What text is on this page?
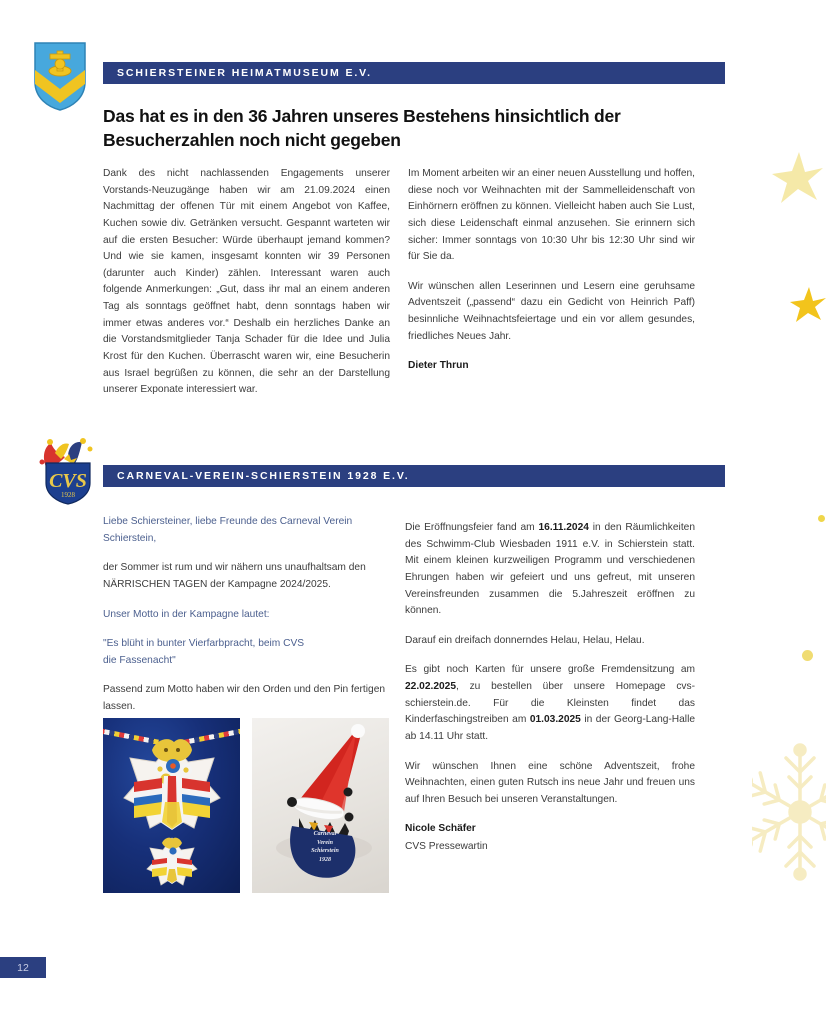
SCHIERSTEINER HEIMATMUSEUM E.V.
Das hat es in den 36 Jahren unseres Bestehens hinsichtlich der Besucherzahlen noch nicht gegeben

Dank des nicht nachlassenden Engagements unserer Vorstands-Neuzugänge haben wir am 21.09.2024 einen Nachmittag der offenen Tür mit einem Angebot von Kaffee, Kuchen sowie div. Getränken versucht. Gespannt warteten wir auf die ersten Besucher: Würde überhaupt jemand kommen? Und wie sie kamen, insgesamt konnten wir 39 Personen (darunter auch Kinder) zählen. Interessant waren auch folgende Anmerkungen: „Gut, dass ihr mal an einem anderen Tag als sonntags geöffnet habt, denn sonntags haben wir immer etwas anderes vor.“ Deshalb ein herzliches Danke an die Vorstandsmitglieder Tanja Schader für die Idee und Julia Krost für den Kuchen. Überrascht waren wir, eine Besucherin aus Israel begrüßen zu können, die sehr an der Darstellung unserer Exponate interessiert war.

Im Moment arbeiten wir an einer neuen Ausstellung und hoffen, diese noch vor Weihnachten mit der Sammelleidenschaft von Einhörnern eröffnen zu können. Vielleicht haben auch Sie Lust, sich diese Leidenschaft einmal anzusehen. Sie erinnern sich sicher: Immer sonntags von 10:30 Uhr bis 12:30 Uhr sind wir für Sie da.

Wir wünschen allen Leserinnen und Lesern eine geruhsame Adventszeit („passend“ dazu ein Gedicht von Heinrich Paff) besinnliche Weihnachtsfeiertage und ein vor allem gesundes, friedliches Neues Jahr.

Dieter Thrun

CVS
1928
CARNEVAL-VEREIN-SCHIERSTEIN 1928 E.V.

Liebe Schiersteiner, liebe Freunde des Carneval Verein Schierstein,

der Sommer ist rum und wir nähern uns unaufhaltsam den NÄRRISCHEN TAGEN der Kampagne 2024/2025.

Unser Motto in der Kampagne lautet:

"Es blüht in bunter Vierfarbpracht, beim CVS

die Fassenacht"

Passend zum Motto haben wir den Orden und den Pin fertigen lassen.

Carneval
Verein
Schierstein
1928

Die Eröffnungsfeier fand am 16.11.2024 in den Räumlichkeiten des Schwimm-Club Wiesbaden 1911 e.V. in Schierstein statt. Mit einem kleinen kurzweiligen Programm und verschiedenen Ehrungen haben wir gefeiert und uns gefreut, mit unseren Vereinsfreunden zusammen die 5.Jahreszeit eröffnen zu können.

Darauf ein dreifach donnerndes Helau, Helau, Helau.

Es gibt noch Karten für unsere große Fremdensitzung am 22.02.2025, zu bestellen über unsere Homepage cvs-schierstein.de. Für die Kleinsten findet das Kinderfaschingstreiben am 01.03.2025 in der Georg-Lang-Halle ab 14.11 Uhr statt.

Wir wünschen Ihnen eine schöne Adventszeit, frohe Weihnachten, einen guten Rutsch ins neue Jahr und freuen uns auf Ihren Besuch bei unseren Veranstaltungen.

Nicole Schäfer

CVS Pressewartin

12
